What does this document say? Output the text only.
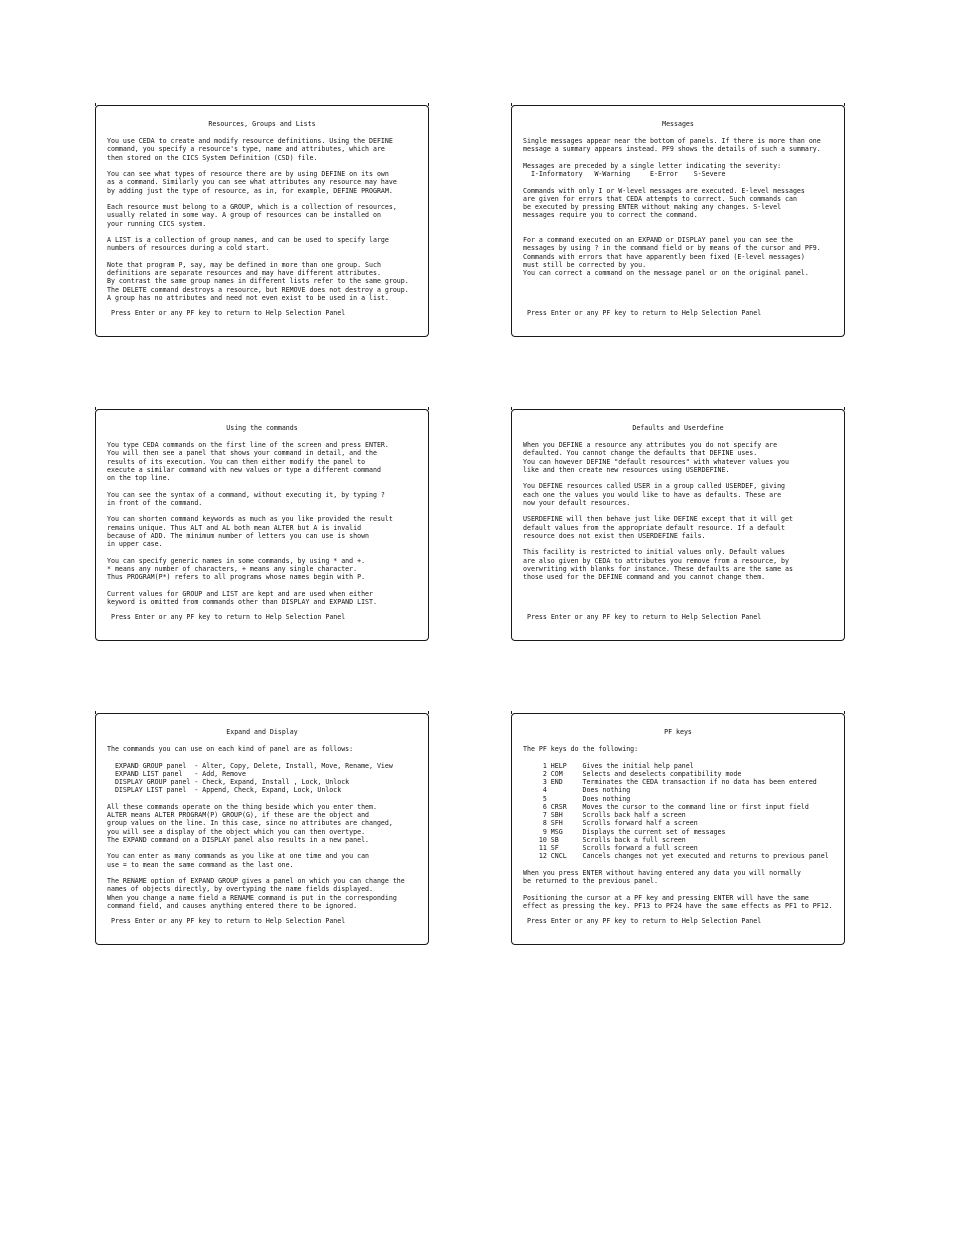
Resources, Groups and Lists
You use CEDA to create and modify resource definitions. Using the DEFINE
command, you specify a resource's type, name and attributes, which are
then stored on the CICS System Definition (CSD) file.

You can see what types of resource there are by using DEFINE on its own
as a command. Similarly you can see what attributes any resource may have
by adding just the type of resource, as in, for example, DEFINE PROGRAM.

Each resource must belong to a GROUP, which is a collection of resources,
usually related in some way. A group of resources can be installed on
your running CICS system.

A LIST is a collection of group names, and can be used to specify large
numbers of resources during a cold start.

Note that program P, say, may be defined in more than one group. Such
definitions are separate resources and may have different attributes.
By contrast the same group names in different lists refer to the same group.
The DELETE command destroys a resource, but REMOVE does not destroy a group.
A group has no attributes and need not even exist to be used in a list.
Press Enter or any PF key to return to Help Selection Panel
Messages
Single messages appear near the bottom of panels. If there is more than one
message a summary appears instead. PF9 shows the details of such a summary.

Messages are preceded by a single letter indicating the severity:
I-Informatory   W-Warning     E-Error    S-Severe

Commands with only I or W-level messages are executed. E-level messages
are given for errors that CEDA attempts to correct. Such commands can
be executed by pressing ENTER without making any changes. S-level
messages require you to correct the command.

For a command executed on an EXPAND or DISPLAY panel you can see the
messages by using ? in the command field or by means of the cursor and PF9.
Commands with errors that have apparently been fixed (E-level messages)
must still be corrected by you.
You can correct a command on the message panel or on the original panel.
Press Enter or any PF key to return to Help Selection Panel
Using the commands
You type CEDA commands on the first line of the screen and press ENTER.
You will then see a panel that shows your command in detail, and the
results of its execution. You can then either modify the panel to
execute a similar command with new values or type a different command
on the top line.

You can see the syntax of a command, without executing it, by typing ?
in front of the command.

You can shorten command keywords as much as you like provided the result
remains unique. Thus ALT and AL both mean ALTER but A is invalid
because of ADD. The minimum number of letters you can use is shown
in upper case.

You can specify generic names in some commands, by using * and +.
* means any number of characters, + means any single character.
Thus PROGRAM(P*) refers to all programs whose names begin with P.

Current values for GROUP and LIST are kept and are used when either
keyword is omitted from commands other than DISPLAY and EXPAND LIST.
Press Enter or any PF key to return to Help Selection Panel
Defaults and Userdefine
When you DEFINE a resource any attributes you do not specify are
defaulted. You cannot change the defaults that DEFINE uses.
You can however DEFINE "default resources" with whatever values you
like and then create new resources using USERDEFINE.

You DEFINE resources called USER in a group called USERDEF, giving
each one the values you would like to have as defaults. These are
now your default resources.

USERDEFINE will then behave just like DEFINE except that it will get
default values from the appropriate default resource. If a default
resource does not exist then USERDEFINE fails.

This facility is restricted to initial values only. Default values
are also given by CEDA to attributes you remove from a resource, by
overwriting with blanks for instance. These defaults are the same as
those used for the DEFINE command and you cannot change them.
Press Enter or any PF key to return to Help Selection Panel
Expand and Display
The commands you can use on each kind of panel are as follows:

EXPAND GROUP panel  - Alter, Copy, Delete, Install, Move, Rename, View
EXPAND LIST panel   - Add, Remove
DISPLAY GROUP panel - Check, Expand, Install , Lock, Unlock
DISPLAY LIST panel  - Append, Check, Expand, Lock, Unlock

All these commands operate on the thing beside which you enter them.
ALTER means ALTER PROGRAM(P) GROUP(G), if these are the object and
group values on the line. In this case, since no attributes are changed,
you will see a display of the object which you can then overtype.
The EXPAND command on a DISPLAY panel also results in a new panel.

You can enter as many commands as you like at one time and you can
use = to mean the same command as the last one.

The RENAME option of EXPAND GROUP gives a panel on which you can change the
names of objects directly, by overtyping the name fields displayed.
When you change a name field a RENAME command is put in the corresponding
command field, and causes anything entered there to be ignored.
Press Enter or any PF key to return to Help Selection Panel
PF keys
The PF keys do the following:

1 HELP    Gives the initial help panel
2 COM     Selects and deselects compatibility mode
3 END     Terminates the CEDA transaction if no data has been entered
4         Does nothing
5         Does nothing
6 CRSR    Moves the cursor to the command line or first input field
7 SBH     Scrolls back half a screen
8 SFH     Scrolls forward half a screen
9 MSG     Displays the current set of messages
10 SB      Scrolls back a full screen
11 SF      Scrolls forward a full screen
12 CNCL    Cancels changes not yet executed and returns to previous panel

When you press ENTER without having entered any data you will normally
be returned to the previous panel.

Positioning the cursor at a PF key and pressing ENTER will have the same
effect as pressing the key. PF13 to PF24 have the same effects as PF1 to PF12.
Press Enter or any PF key to return to Help Selection Panel
